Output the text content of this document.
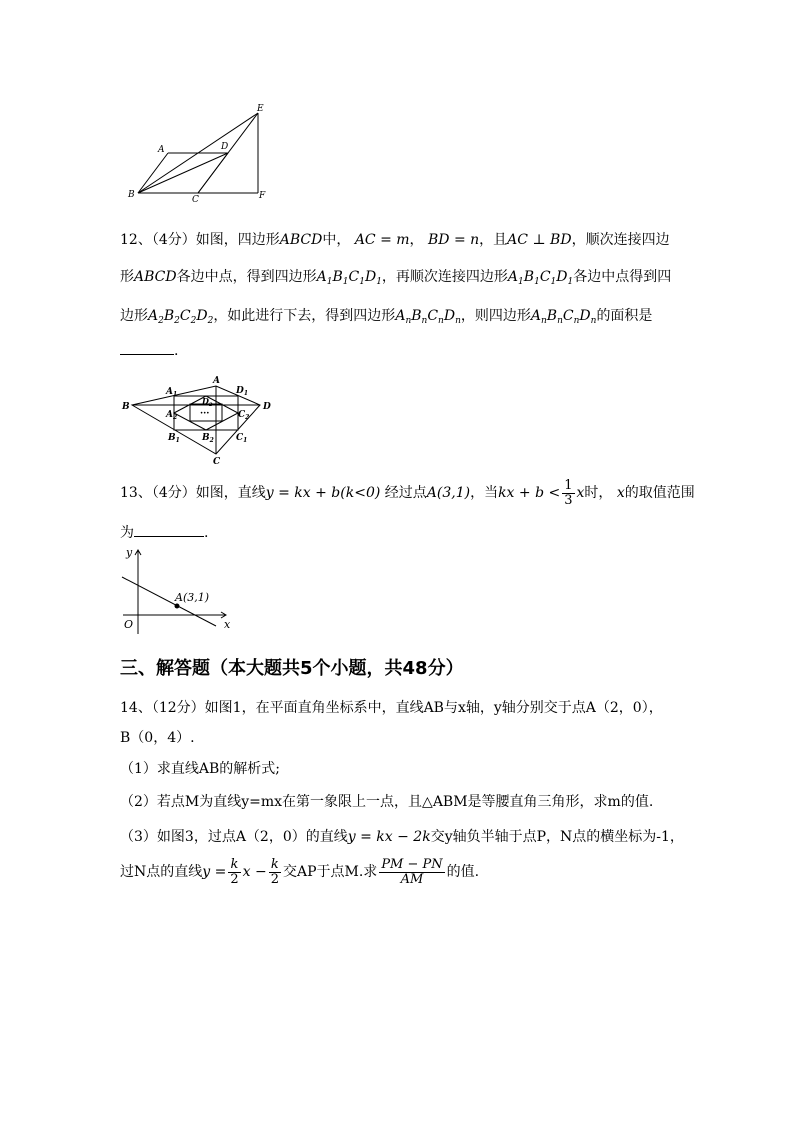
E
A	D
B	C	F
12、（4分）如图，四边形ABCD中， AC = m， BD = n，且AC ⊥ BD，顺次连接四边
形ABCD各边中点，得到四边形$A_1B_1C_1D_1$，再顺次连接四边形$A_1B_1C_1D_1$各边中点得到四
边形$A_2B_2C_2D_2$，如此进行下去，得到四边形$A_nB_nC_nD_n$，则四边形$A_nB_nC_nD_n$的面积是
.
B
A
D
C
$A_1$	$D_1$
$B_1$	$C_1$
$A_2$
$D_2$
$B_2$
$C_2$
···
13、（4分）如图，直线y = kx + b(k<0) 经过点A(3,1)，当kx + $b < \frac{1}{3}$ x时， x的取值范围
为	.
y
x
O
A(3,1)
三、解答题（本大题共5个小题，共48分）
14、（12分）如图1，在平面直角坐标系中，直线AB与x轴，y轴分别交于点A（2，0），
B（0，4）.
（1）求直线AB的解析式;
（2）若点M为直线y=mx在第一象限上一点，且△ABM是等腰直角三角形，求m的值.
（3）如图3，过点A（2，0）的直线y = kx − 2k交y轴负半轴于点P，N点的横坐标为-1，
过N点的直线$y = \frac{k}{2}$ $x - \frac{k}{2}$ 交AP于点M.求 $\frac{PM - PN}{AM}$ 的值.
